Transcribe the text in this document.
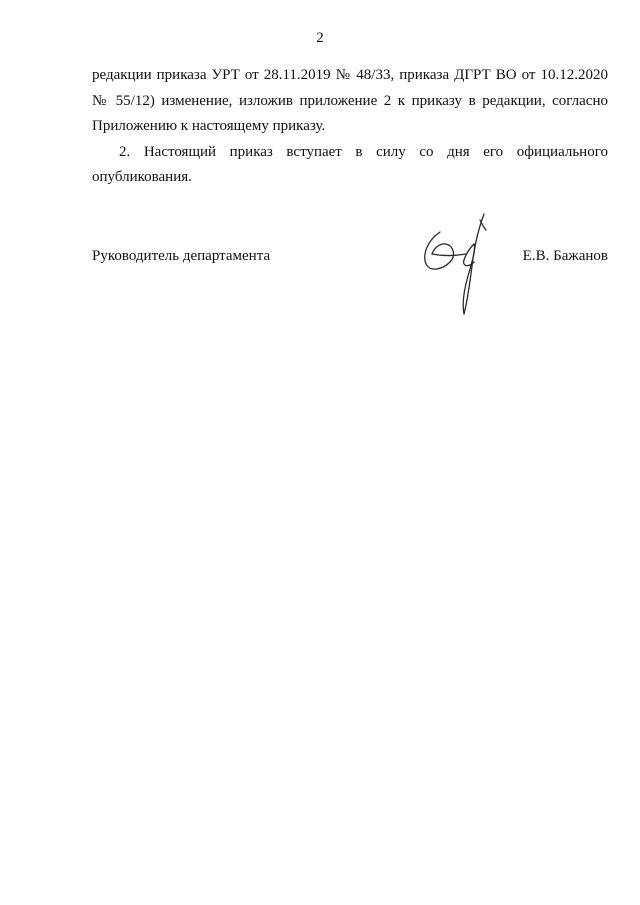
2

редакции приказа УРТ от 28.11.2019 № 48/33, приказа ДГРТ ВО от 10.12.2020
№ 55/12) изменение, изложив приложение 2 к приказу в редакции, согласно
Приложению к настоящему приказу.

2. Настоящий приказ вступает в силу со дня его официального
опубликования.

Руководитель департамента	Е.В. Бажанов
